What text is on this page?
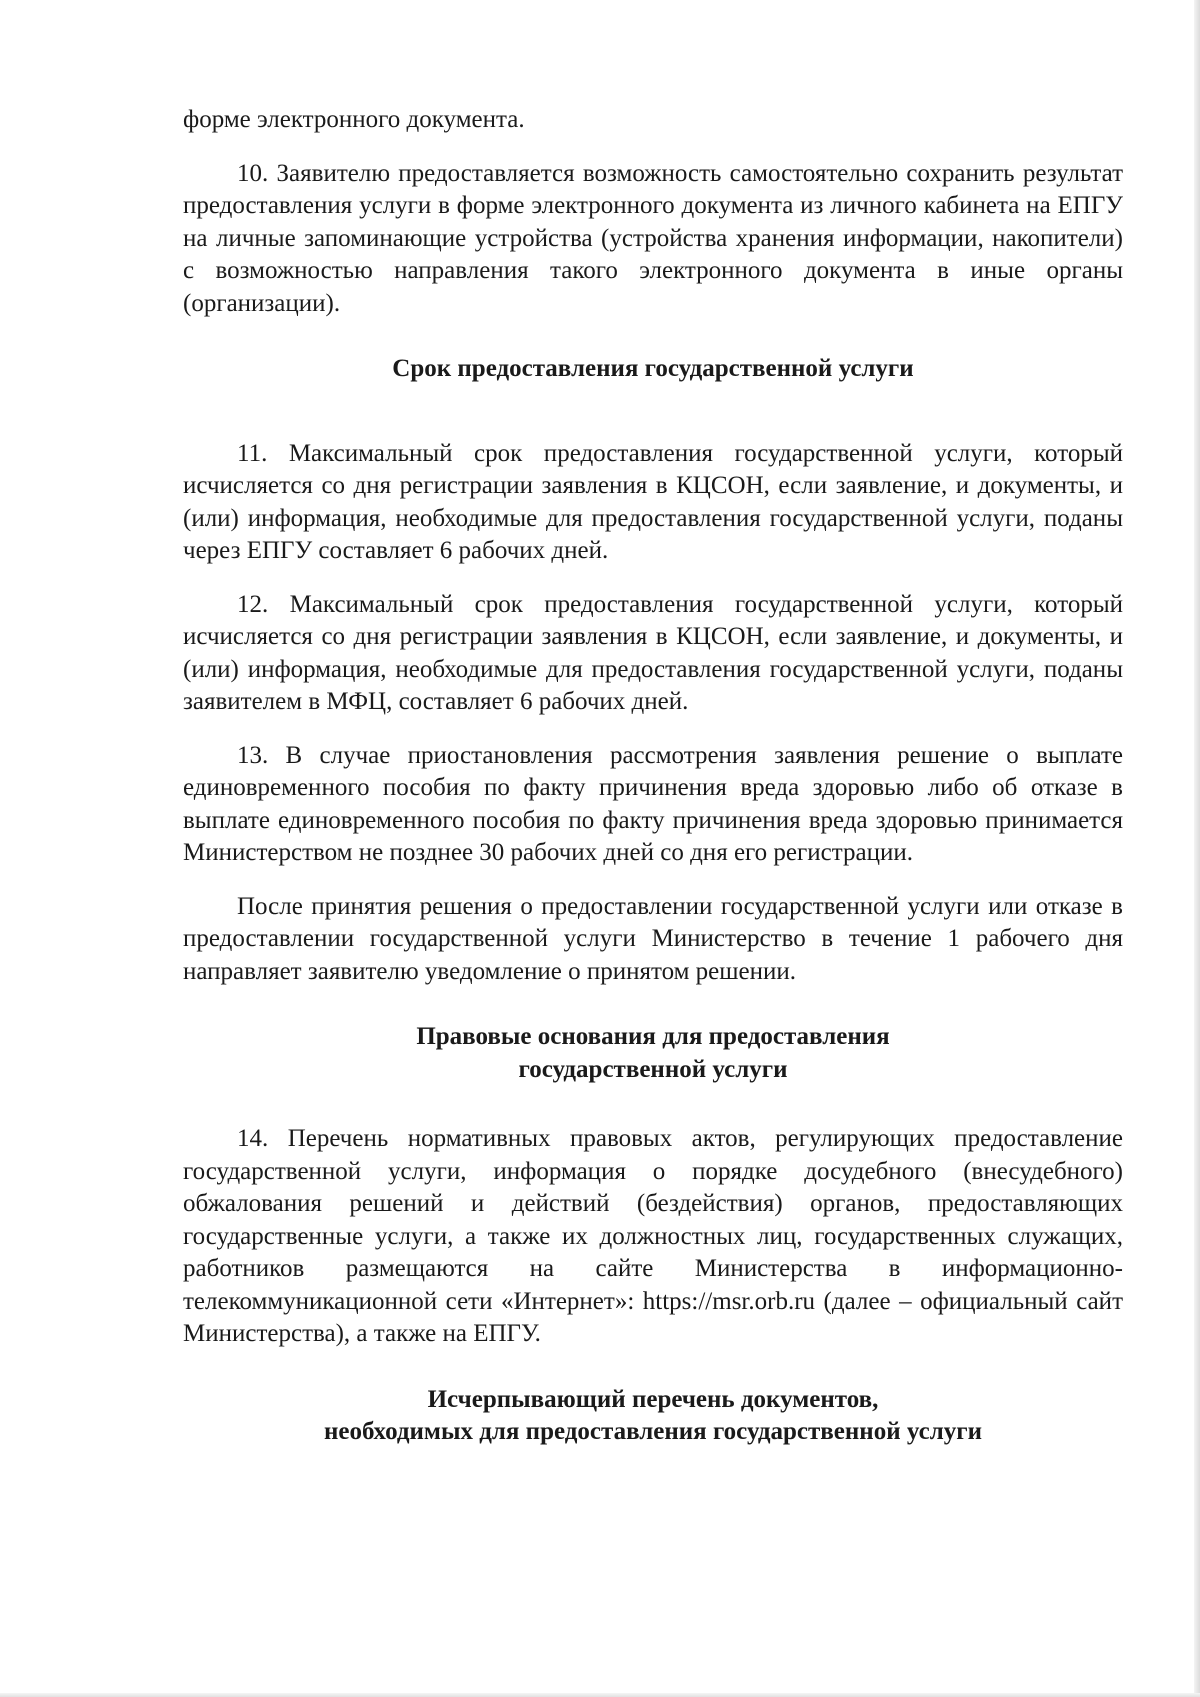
форме электронного документа.

10. Заявителю предоставляется возможность самостоятельно сохранить результат предоставления услуги в форме электронного документа из личного кабинета на ЕПГУ на личные запоминающие устройства (устройства хранения информации, накопители) с возможностью направления такого электронного документа в иные органы (организации).

Срок предоставления государственной услуги

11. Максимальный срок предоставления государственной услуги, который исчисляется со дня регистрации заявления в КЦСОН, если заявление, и документы, и (или) информация, необходимые для предоставления государственной услуги, поданы через ЕПГУ составляет 6 рабочих дней.

12. Максимальный срок предоставления государственной услуги, который исчисляется со дня регистрации заявления в КЦСОН, если заявление, и документы, и (или) информация, необходимые для предоставления государственной услуги, поданы заявителем в МФЦ, составляет 6 рабочих дней.

13. В случае приостановления рассмотрения заявления решение о выплате единовременного пособия по факту причинения вреда здоровью либо об отказе в выплате единовременного пособия по факту причинения вреда здоровью принимается Министерством не позднее 30 рабочих дней со дня его регистрации.

После принятия решения о предоставлении государственной услуги или отказе в предоставлении государственной услуги Министерство в течение 1 рабочего дня направляет заявителю уведомление о принятом решении.

Правовые основания для предоставления
государственной услуги

14. Перечень нормативных правовых актов, регулирующих предоставление государственной услуги, информация о порядке досудебного (внесудебного) обжалования решений и действий (бездействия) органов, предоставляющих государственные услуги, а также их должностных лиц, государственных служащих, работников размещаются на сайте Министерства в информационно-телекоммуникационной сети «Интернет»: https://msr.orb.ru (далее – официальный сайт Министерства), а также на ЕПГУ.

Исчерпывающий перечень документов,
необходимых для предоставления государственной услуги
